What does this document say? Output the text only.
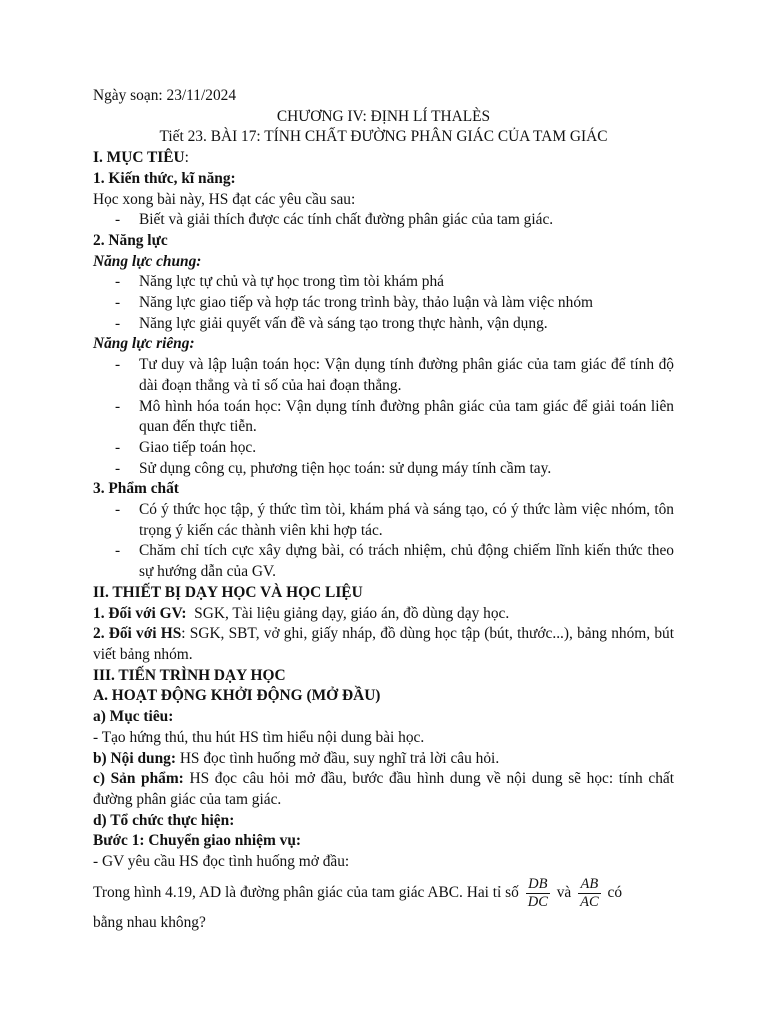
Ngày soạn: 23/11/2024

CHƯƠNG IV: ĐỊNH LÍ THALÈS

Tiết 23. BÀI 17: TÍNH CHẤT ĐƯỜNG PHÂN GIÁC CỦA TAM GIÁC

I. MỤC TIÊU:

1. Kiến thức, kĩ năng:

Học xong bài này, HS đạt các yêu cầu sau:

- Biết và giải thích được các tính chất đường phân giác của tam giác.

2. Năng lực

Năng lực chung:

- Năng lực tự chủ và tự học trong tìm tòi khám phá
- Năng lực giao tiếp và hợp tác trong trình bày, thảo luận và làm việc nhóm
- Năng lực giải quyết vấn đề và sáng tạo trong thực hành, vận dụng.

Năng lực riêng:

- Tư duy và lập luận toán học: Vận dụng tính đường phân giác của tam giác để tính độ dài đoạn thẳng và tỉ số của hai đoạn thẳng.
- Mô hình hóa toán học: Vận dụng tính đường phân giác của tam giác để giải toán liên quan đến thực tiễn.
- Giao tiếp toán học.
- Sử dụng công cụ, phương tiện học toán: sử dụng máy tính cầm tay.

3. Phẩm chất

- Có ý thức học tập, ý thức tìm tòi, khám phá và sáng tạo, có ý thức làm việc nhóm, tôn trọng ý kiến các thành viên khi hợp tác.
- Chăm chỉ tích cực xây dựng bài, có trách nhiệm, chủ động chiếm lĩnh kiến thức theo sự hướng dẫn của GV.

II. THIẾT BỊ DẠY HỌC VÀ HỌC LIỆU

1. Đối với GV: SGK, Tài liệu giảng dạy, giáo án, đồ dùng dạy học.

2. Đối với HS: SGK, SBT, vở ghi, giấy nháp, đồ dùng học tập (bút, thước...), bảng nhóm, bút viết bảng nhóm.

III. TIẾN TRÌNH DẠY HỌC

A. HOẠT ĐỘNG KHỞI ĐỘNG (MỞ ĐẦU)

a) Mục tiêu:

- Tạo hứng thú, thu hút HS tìm hiểu nội dung bài học.

b) Nội dung: HS đọc tình huống mở đầu, suy nghĩ trả lời câu hỏi.

c) Sản phẩm: HS đọc câu hỏi mở đầu, bước đầu hình dung về nội dung sẽ học: tính chất đường phân giác của tam giác.

d) Tổ chức thực hiện:

Bước 1: Chuyển giao nhiệm vụ:

- GV yêu cầu HS đọc tình huống mở đầu:

Trong hình 4.19, AD là đường phân giác của tam giác ABC. Hai tỉ số $\frac{DB}{DC}$ và $\frac{AB}{AC}$ có

bằng nhau không?
